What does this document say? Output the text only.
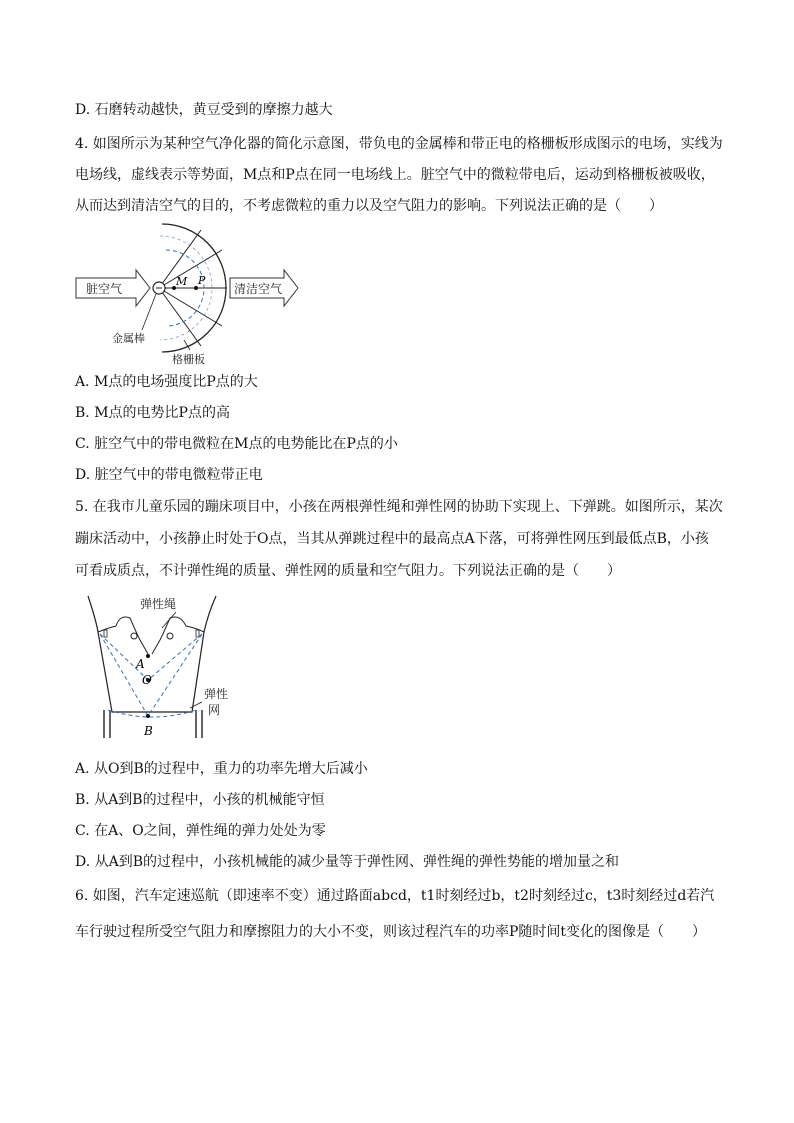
D. 石磨转动越快，黄豆受到的摩擦力越大
4. 如图所示为某种空气净化器的简化示意图，带负电的金属棒和带正电的格栅板形成图示的电场，实线为
电场线，虚线表示等势面，M点和P点在同一电场线上。脏空气中的微粒带电后，运动到格栅板被吸收，
从而达到清洁空气的目的，不考虑微粒的重力以及空气阻力的影响。下列说法正确的是（　　）
脏空气
M P
清洁空气
金属棒
格栅板
A. M点的电场强度比P点的大
B. M点的电势比P点的高
C. 脏空气中的带电微粒在M点的电势能比在P点的小
D. 脏空气中的带电微粒带正电
5. 在我市儿童乐园的蹦床项目中，小孩在两根弹性绳和弹性网的协助下实现上、下弹跳。如图所示，某次
蹦床活动中，小孩静止时处于O点，当其从弹跳过程中的最高点A下落，可将弹性网压到最低点B，小孩
可看成质点，不计弹性绳的质量、弹性网的质量和空气阻力。下列说法正确的是（　　）
A
O
B
弹性绳
弹性
网
A. 从O到B的过程中，重力的功率先增大后减小
B. 从A到B的过程中，小孩的机械能守恒
C. 在A、O之间，弹性绳的弹力处处为零
D. 从A到B的过程中，小孩机械能的减少量等于弹性网、弹性绳的弹性势能的增加量之和
6. 如图，汽车定速巡航（即速率不变）通过路面abcd，t1时刻经过b，t2时刻经过c，t3时刻经过d若汽
车行驶过程所受空气阻力和摩擦阻力的大小不变，则该过程汽车的功率P随时间t变化的图像是（　　）
